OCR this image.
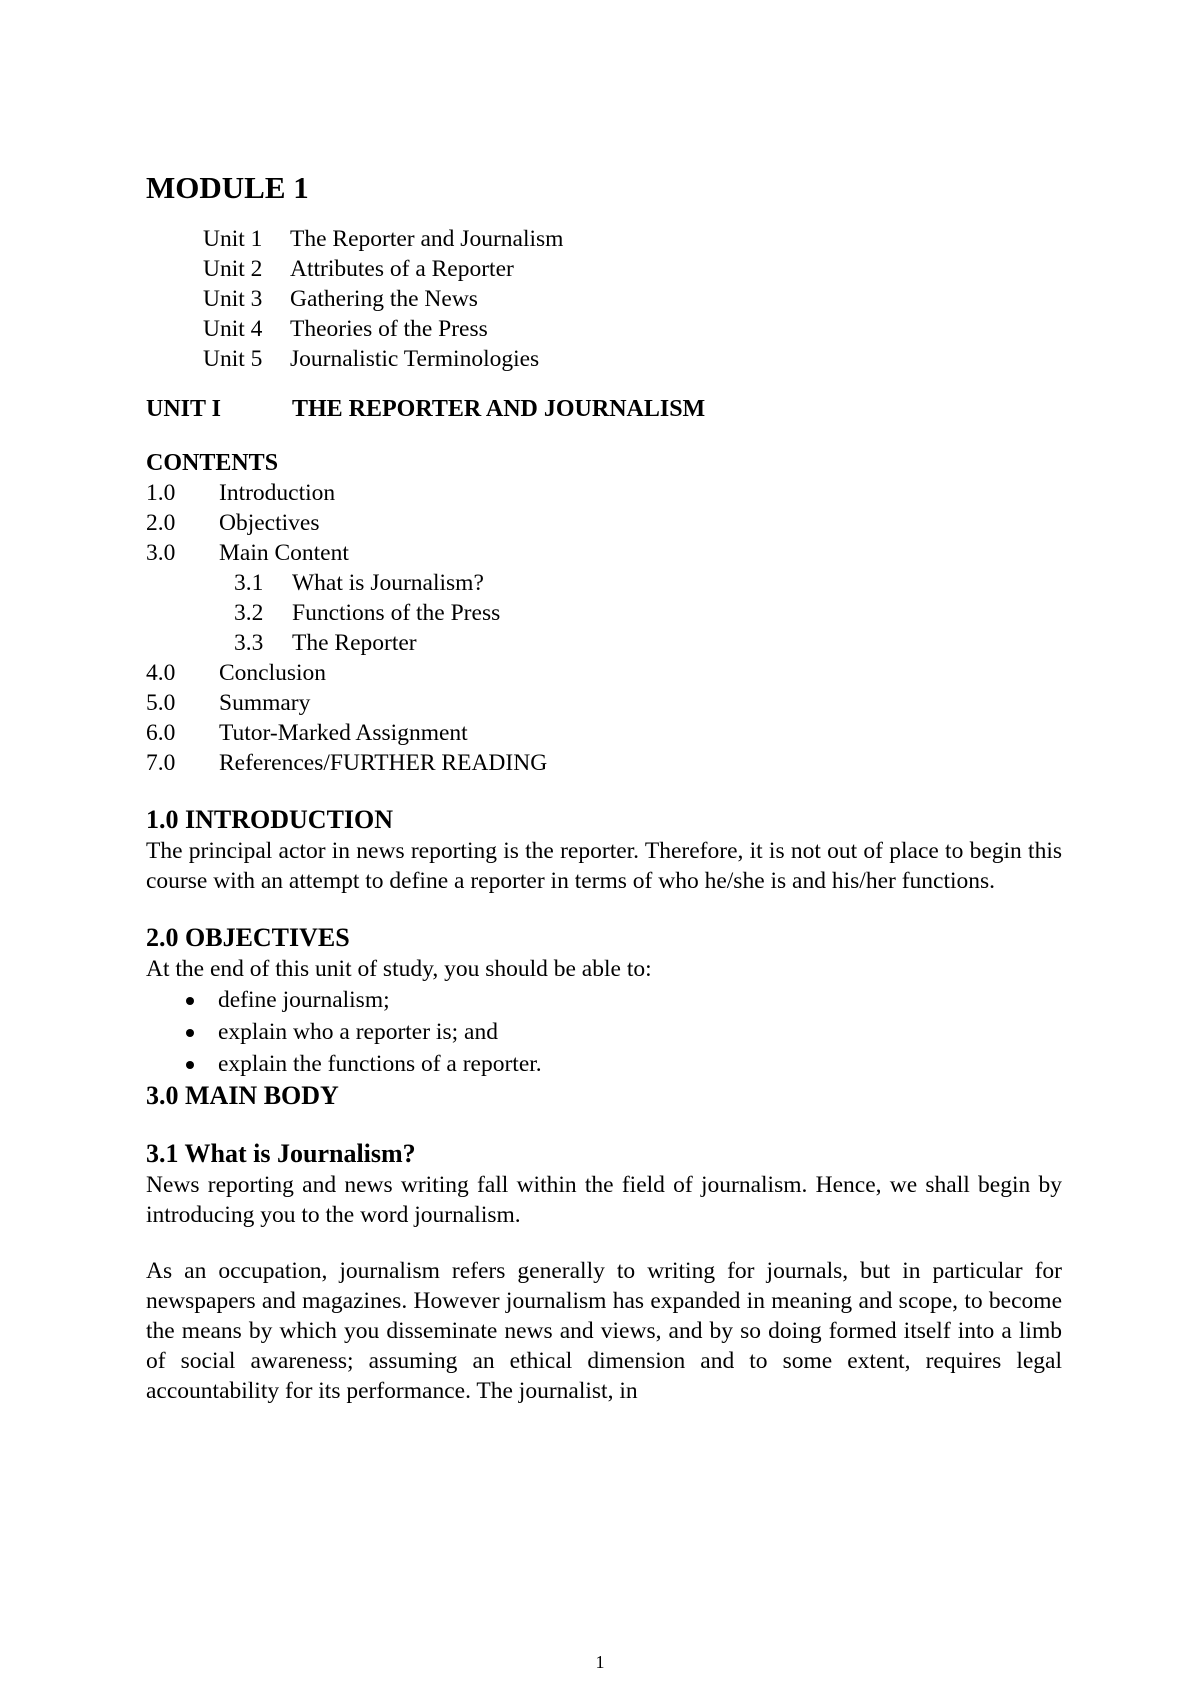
MODULE 1
Unit 1	The Reporter and Journalism
Unit 2	Attributes of a Reporter
Unit 3	Gathering the News
Unit 4	Theories of the Press
Unit 5	Journalistic Terminologies
UNIT I	THE REPORTER AND JOURNALISM
CONTENTS
1.0	Introduction
2.0	Objectives
3.0	Main Content
3.1	What is Journalism?
3.2	Functions of the Press
3.3	The Reporter
4.0	Conclusion
5.0	Summary
6.0	Tutor-Marked Assignment
7.0	References/FURTHER READING
1.0 INTRODUCTION

The principal actor in news reporting is the reporter. Therefore, it is not out of place to begin this course with an attempt to define a reporter in terms of who he/she is and his/her functions.

2.0 OBJECTIVES

At the end of this unit of study, you should be able to:

define journalism;
explain who a reporter is; and
explain the functions of a reporter.
3.0 MAIN BODY
3.1 What is Journalism?

News reporting and news writing fall within the field of journalism. Hence, we shall begin by introducing you to the word journalism.

As an occupation, journalism refers generally to writing for journals, but in particular for newspapers and magazines. However journalism has expanded in meaning and scope, to become the means by which you disseminate news and views, and by so doing formed itself into a limb of social awareness; assuming an ethical dimension and to some extent, requires legal accountability for its performance. The journalist, in

1
